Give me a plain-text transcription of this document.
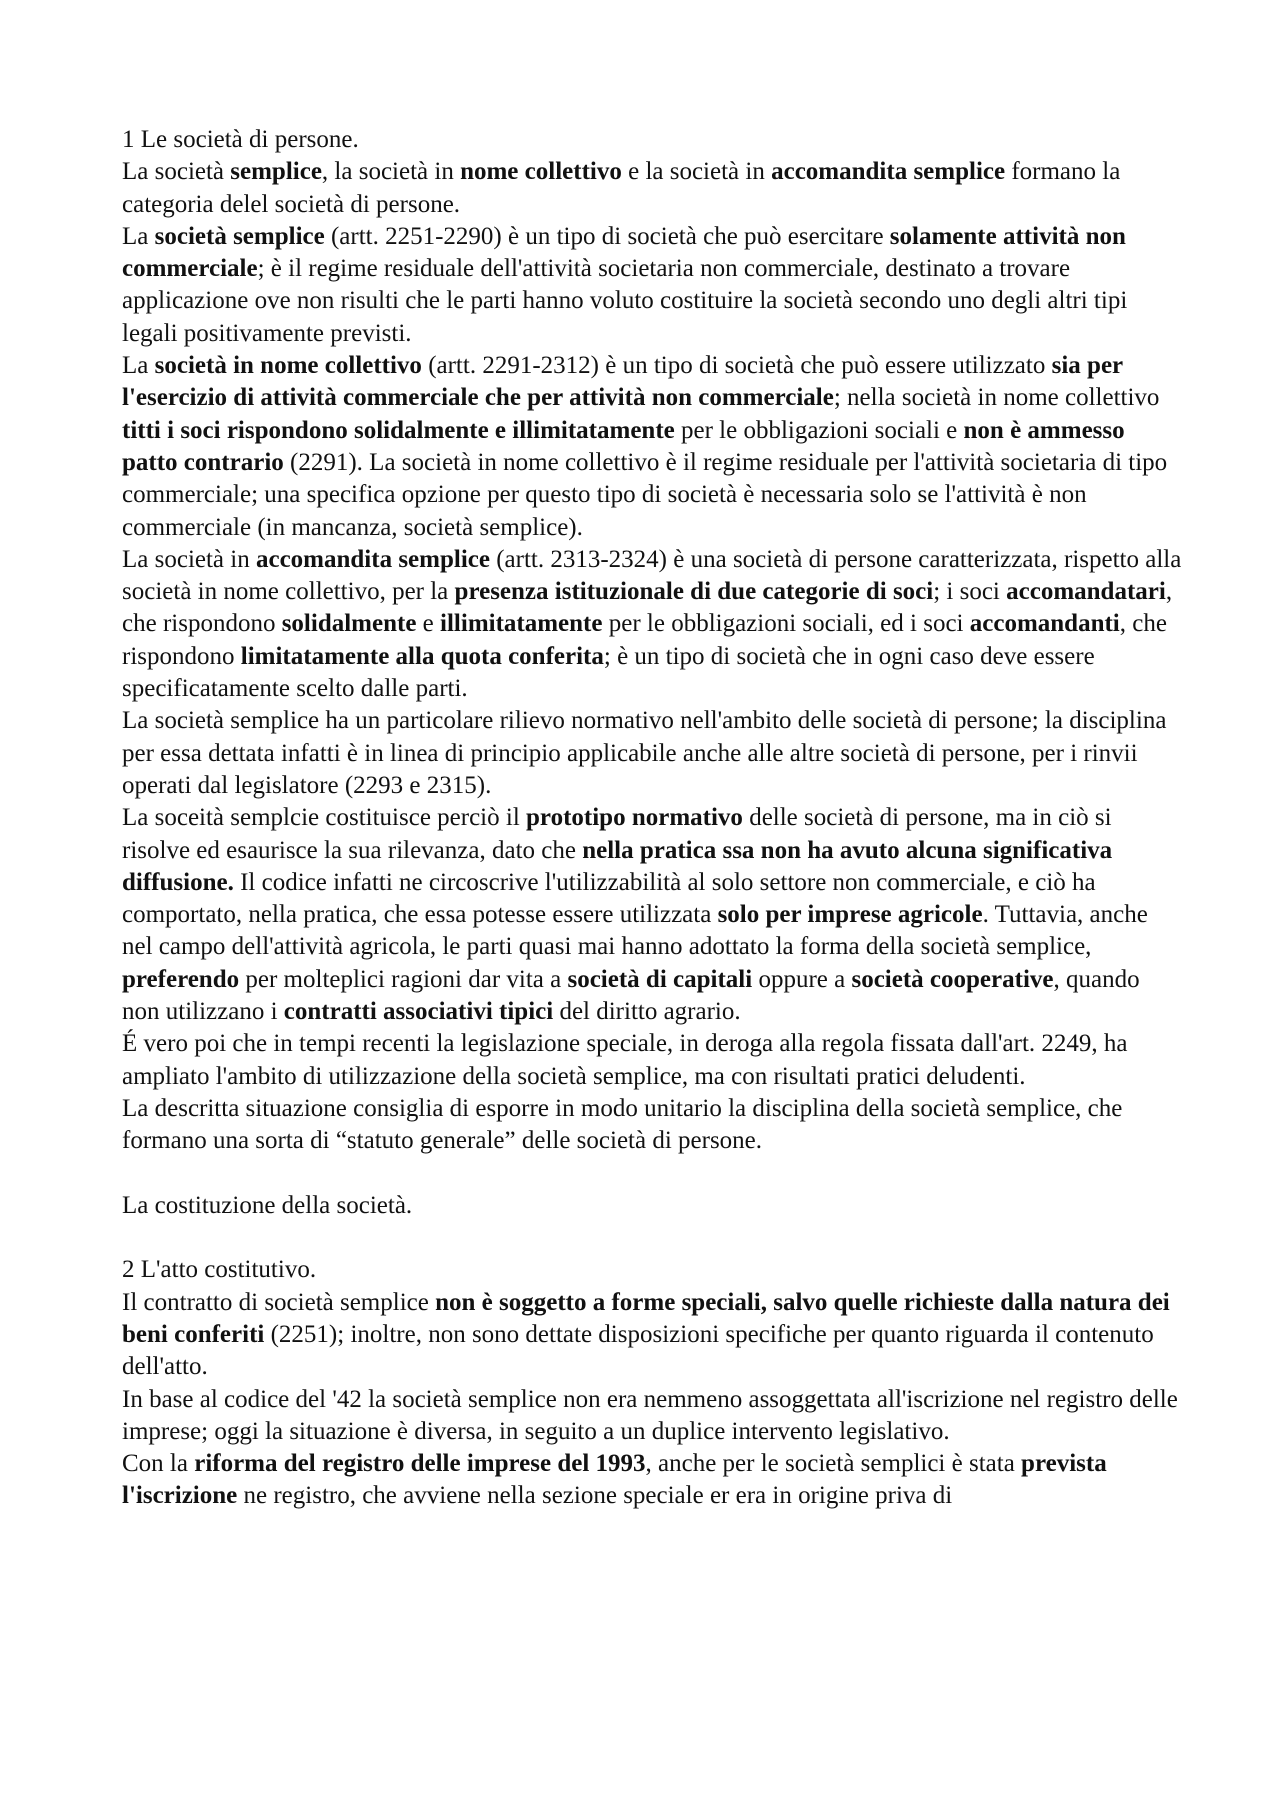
1 Le società di persone.

La società semplice, la società in nome collettivo e la società in accomandita semplice formano la categoria delel società di persone.

La società semplice (artt. 2251-2290) è un tipo di società che può esercitare solamente attività non commerciale; è il regime residuale dell'attività societaria non commerciale, destinato a trovare applicazione ove non risulti che le parti hanno voluto costituire la società secondo uno degli altri tipi legali positivamente previsti.

La società in nome collettivo (artt. 2291-2312) è un tipo di società che può essere utilizzato sia per l'esercizio di attività commerciale che per attività non commerciale; nella società in nome collettivo titti i soci rispondono solidalmente e illimitatamente per le obbligazioni sociali e non è ammesso patto contrario (2291). La società in nome collettivo è il regime residuale per l'attività societaria di tipo commerciale; una specifica opzione per questo tipo di società è necessaria solo se l'attività è non commerciale (in mancanza, società semplice).

La società in accomandita semplice (artt. 2313-2324) è una società di persone caratterizzata, rispetto alla società in nome collettivo, per la presenza istituzionale di due categorie di soci; i soci accomandatari, che rispondono solidalmente e illimitatamente per le obbligazioni sociali, ed i soci accomandanti, che rispondono limitatamente alla quota conferita; è un tipo di società che in ogni caso deve essere specificatamente scelto dalle parti.

La società semplice ha un particolare rilievo normativo nell'ambito delle società di persone; la disciplina per essa dettata infatti è in linea di principio applicabile anche alle altre società di persone, per i rinvii operati dal legislatore (2293 e 2315).

La soceità semplcie costituisce perciò il prototipo normativo delle società di persone, ma in ciò si risolve ed esaurisce la sua rilevanza, dato che nella pratica ssa non ha avuto alcuna significativa diffusione. Il codice infatti ne circoscrive l'utilizzabilità al solo settore non commerciale, e ciò ha comportato, nella pratica, che essa potesse essere utilizzata solo per imprese agricole. Tuttavia, anche nel campo dell'attività agricola, le parti quasi mai hanno adottato la forma della società semplice, preferendo per molteplici ragioni dar vita a società di capitali oppure a società cooperative, quando non utilizzano i contratti associativi tipici del diritto agrario.

É vero poi che in tempi recenti la legislazione speciale, in deroga alla regola fissata dall'art. 2249, ha ampliato l'ambito di utilizzazione della società semplice, ma con risultati pratici deludenti.

La descritta situazione consiglia di esporre in modo unitario la disciplina della società semplice, che formano una sorta di “statuto generale” delle società di persone.

La costituzione della società.

2 L'atto costitutivo.

Il contratto di società semplice non è soggetto a forme speciali, salvo quelle richieste dalla natura dei beni conferiti (2251); inoltre, non sono dettate disposizioni specifiche per quanto riguarda il contenuto dell'atto.

In base al codice del '42 la società semplice non era nemmeno assoggettata all'iscrizione nel registro delle imprese; oggi la situazione è diversa, in seguito a un duplice intervento legislativo.

Con la riforma del registro delle imprese del 1993, anche per le società semplici è stata prevista l'iscrizione ne registro, che avviene nella sezione speciale er era in origine priva di
